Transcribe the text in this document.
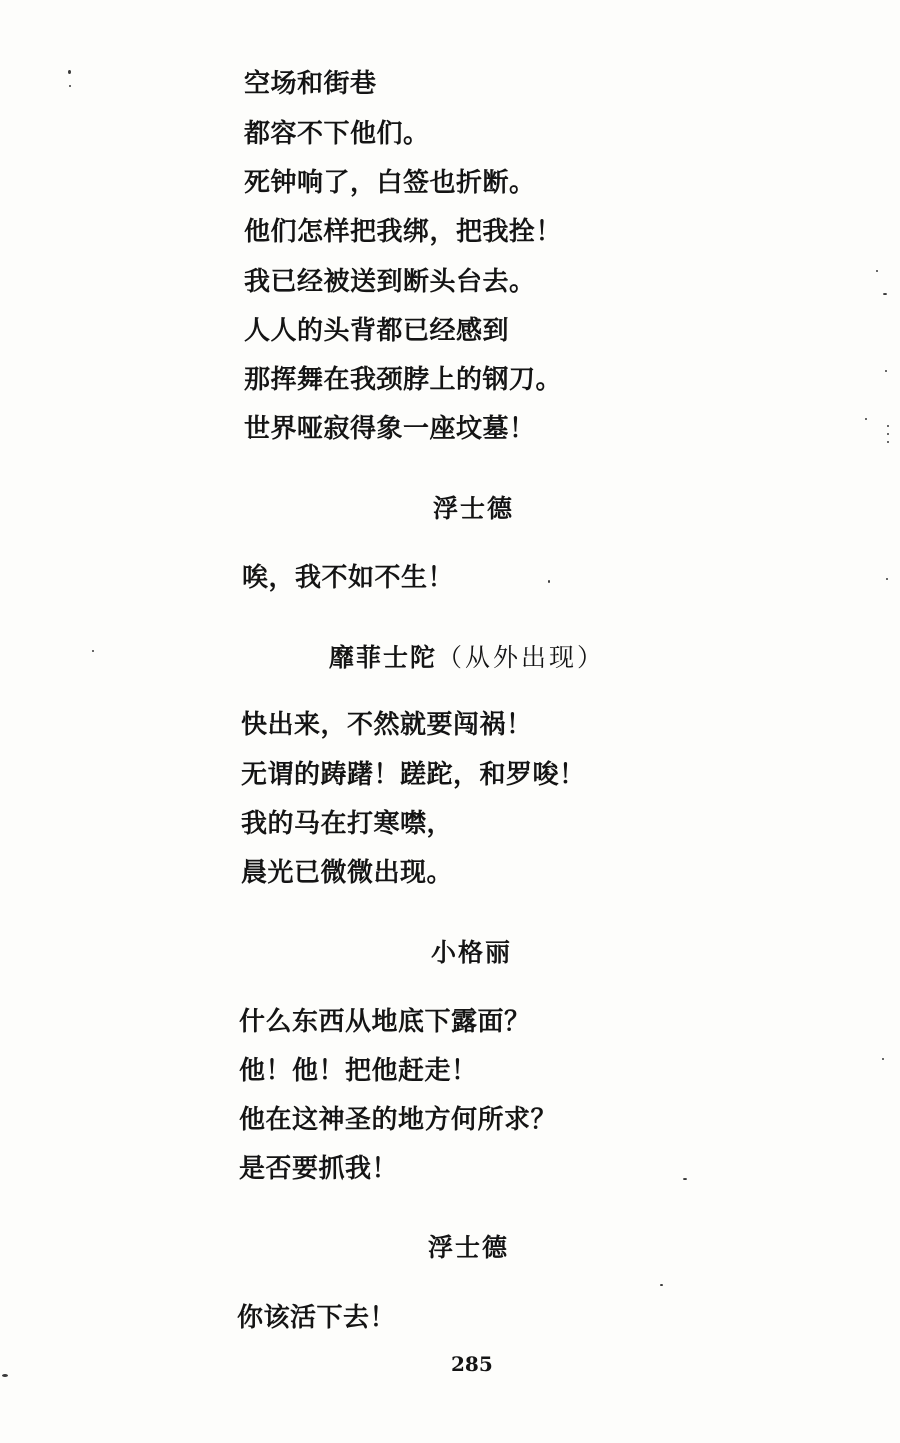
空场和街巷
都容不下他们。
死钟响了，白签也折断。
他们怎样把我绑，把我拴！
我已经被送到断头台去。
人人的头背都已经感到
那挥舞在我颈脖上的钢刀。
世界哑寂得象一座坟墓！
浮士德
唉，我不如不生！
靡菲士陀（从外出现）
快出来，不然就要闯祸！
无谓的踌躇！蹉跎，和罗唆！
我的马在打寒噤，
晨光已微微出现。
小格丽
什么东西从地底下露面？
他！他！把他赶走！
他在这神圣的地方何所求？
是否要抓我！
浮士德
你该活下去！
285
